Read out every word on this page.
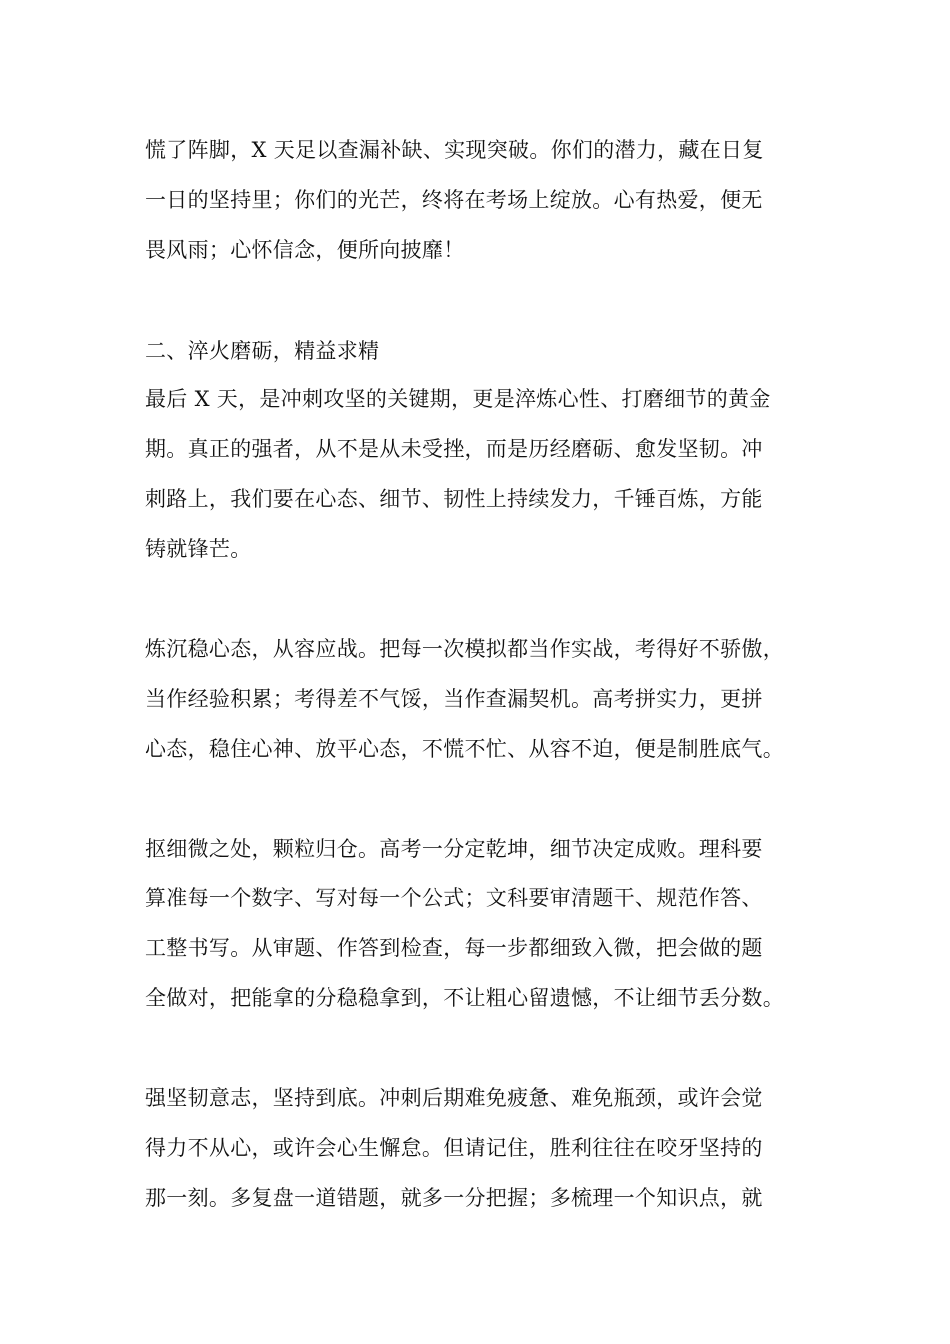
慌了阵脚，X 天足以查漏补缺、实现突破。你们的潜力，藏在日复
一日的坚持里；你们的光芒，终将在考场上绽放。心有热爱，便无
畏风雨；心怀信念，便所向披靡！
二、淬火磨砺，精益求精
最后 X 天，是冲刺攻坚的关键期，更是淬炼心性、打磨细节的黄金
期。真正的强者，从不是从未受挫，而是历经磨砺、愈发坚韧。冲
刺路上，我们要在心态、细节、韧性上持续发力，千锤百炼，方能
铸就锋芒。
炼沉稳心态，从容应战。把每一次模拟都当作实战，考得好不骄傲，
当作经验积累；考得差不气馁，当作查漏契机。高考拼实力，更拼
心态，稳住心神、放平心态，不慌不忙、从容不迫，便是制胜底气。
抠细微之处，颗粒归仓。高考一分定乾坤，细节决定成败。理科要
算准每一个数字、写对每一个公式；文科要审清题干、规范作答、
工整书写。从审题、作答到检查，每一步都细致入微，把会做的题
全做对，把能拿的分稳稳拿到，不让粗心留遗憾，不让细节丢分数。
强坚韧意志，坚持到底。冲刺后期难免疲惫、难免瓶颈，或许会觉
得力不从心，或许会心生懈怠。但请记住，胜利往往在咬牙坚持的
那一刻。多复盘一道错题，就多一分把握；多梳理一个知识点，就
